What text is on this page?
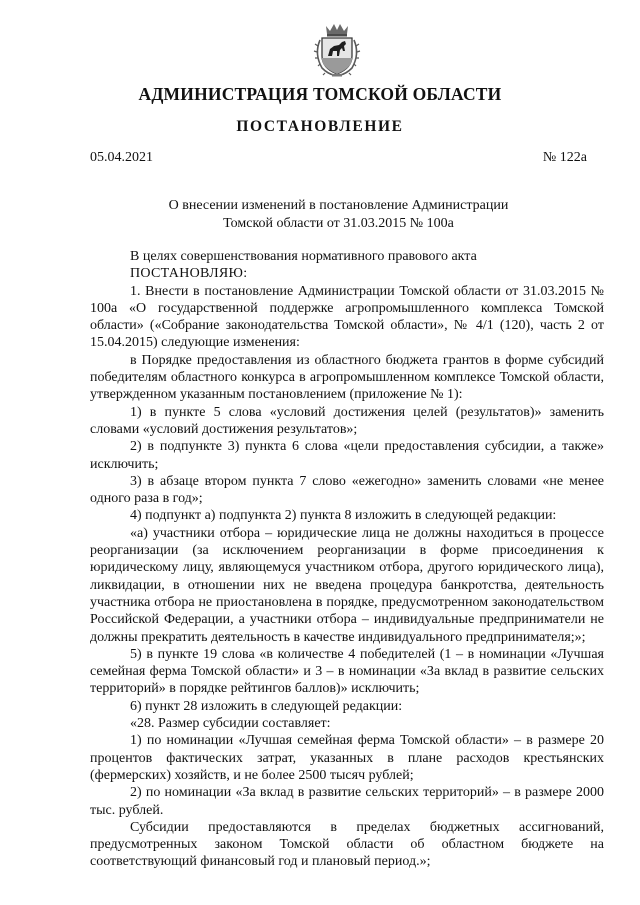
АДМИНИСТРАЦИЯ ТОМСКОЙ ОБЛАСТИ
ПОСТАНОВЛЕНИЕ
05.04.2021	№ 122а
О внесении изменений в постановление Администрации
Томской области от 31.03.2015 № 100а

В целях совершенствования нормативного правового акта

ПОСТАНОВЛЯЮ:

1. Внести в постановление Администрации Томской области от 31.03.2015 № 100а «О государственной поддержке агропромышленного комплекса Томской области» («Собрание законодательства Томской области», № 4/1 (120), часть 2 от 15.04.2015) следующие изменения:

в Порядке предоставления из областного бюджета грантов в форме субсидий победителям областного конкурса в агропромышленном комплексе Томской области, утвержденном указанным постановлением (приложение № 1):

1) в пункте 5 слова «условий достижения целей (результатов)» заменить словами «условий достижения результатов»;

2) в подпункте 3) пункта 6 слова «цели предоставления субсидии, а также» исключить;

3) в абзаце втором пункта 7 слово «ежегодно» заменить словами «не менее одного раза в год»;

4) подпункт а) подпункта 2) пункта 8 изложить в следующей редакции:

«а) участники отбора – юридические лица не должны находиться в процессе реорганизации (за исключением реорганизации в форме присоединения к юридическому лицу, являющемуся участником отбора, другого юридического лица), ликвидации, в отношении них не введена процедура банкротства, деятельность участника отбора не приостановлена в порядке, предусмотренном законодательством Российской Федерации, а участники отбора – индивидуальные предприниматели не должны прекратить деятельность в качестве индивидуального предпринимателя;»;

5) в пункте 19 слова «в количестве 4 победителей (1 – в номинации «Лучшая семейная ферма Томской области» и 3 – в номинации «За вклад в развитие сельских территорий» в порядке рейтингов баллов)» исключить;

6) пункт 28 изложить в следующей редакции:

«28. Размер субсидии составляет:

1) по номинации «Лучшая семейная ферма Томской области» – в размере 20 процентов фактических затрат, указанных в плане расходов крестьянских (фермерских) хозяйств, и не более 2500 тысяч рублей;

2) по номинации «За вклад в развитие сельских территорий» – в размере 2000 тыс. рублей.

Субсидии предоставляются в пределах бюджетных ассигнований, предусмотренных законом Томской области об областном бюджете на соответствующий финансовый год и плановый период.»;
